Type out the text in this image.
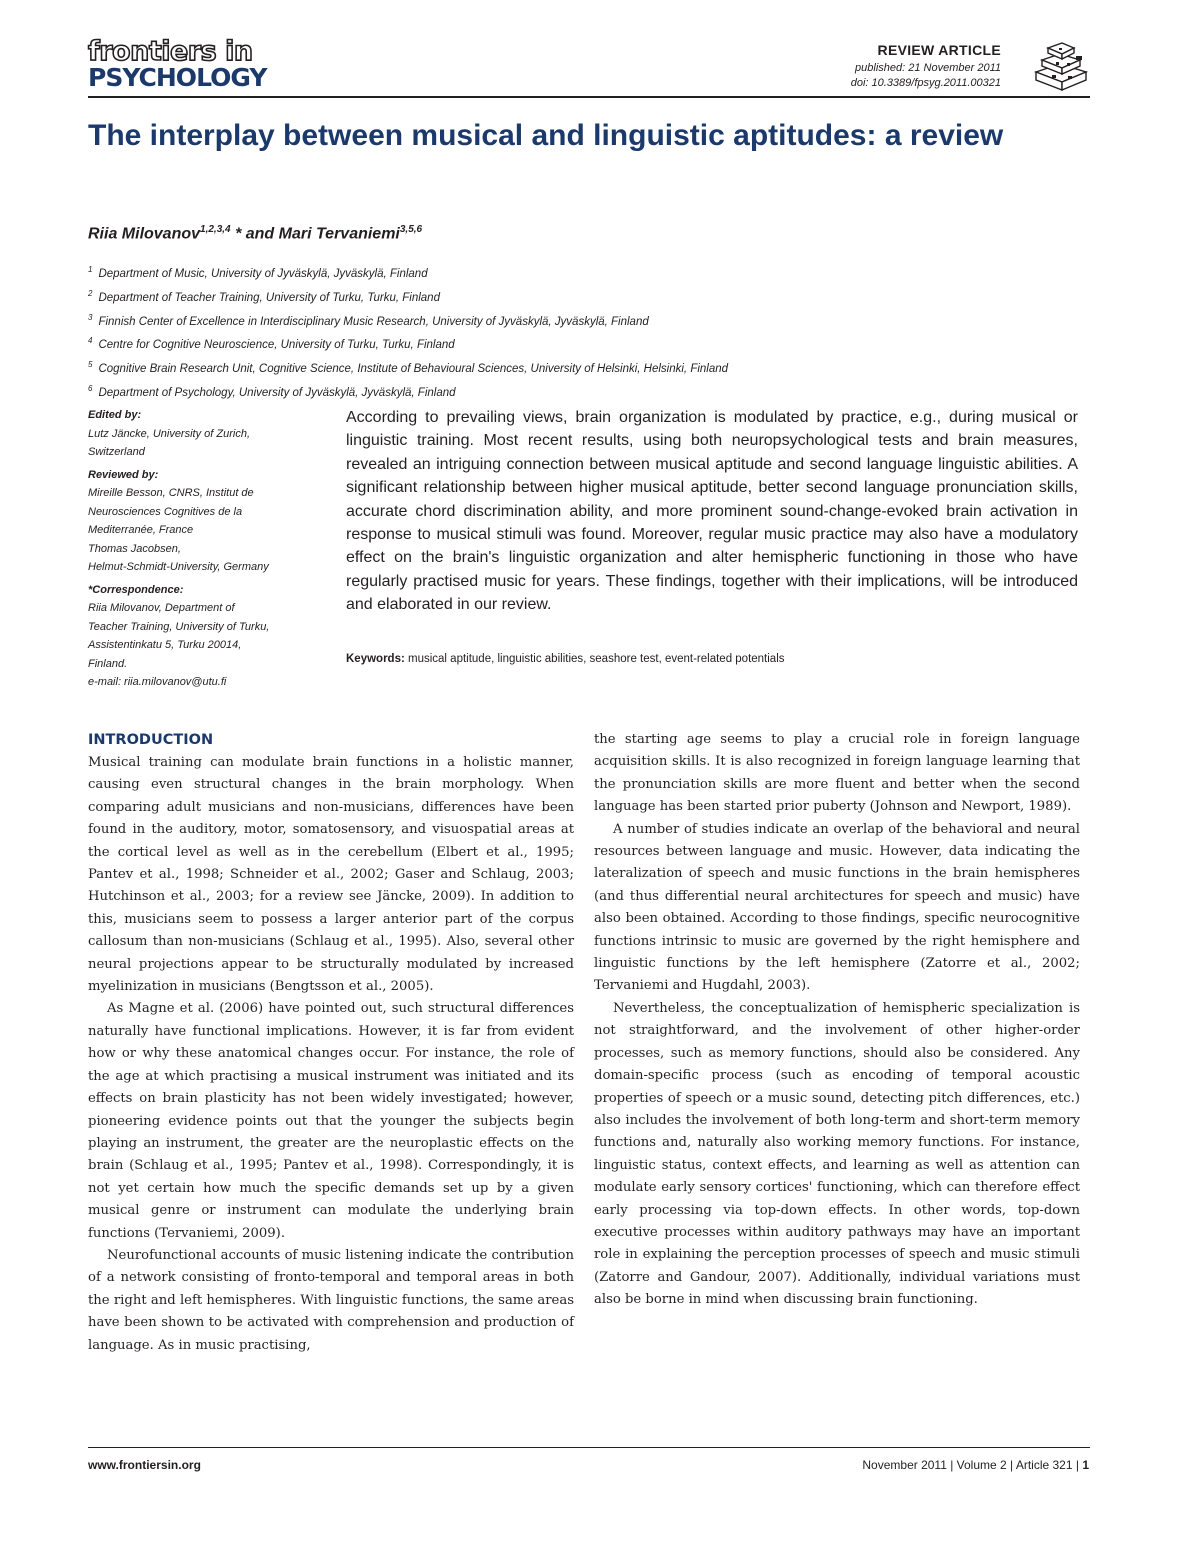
frontiers in
PSYCHOLOGY
REVIEW ARTICLE
published: 21 November 2011
doi: 10.3389/fpsyg.2011.00321
The interplay between musical and linguistic aptitudes: a review
Riia Milovanov$^{1,2,3,4}$ * and Mari Tervaniemi$^{3,5,6}$
$^1$ Department of Music, University of Jyväskylä, Jyväskylä, Finland
$^2$ Department of Teacher Training, University of Turku, Turku, Finland
$^3$ Finnish Center of Excellence in Interdisciplinary Music Research, University of Jyväskylä, Jyväskylä, Finland
$^4$ Centre for Cognitive Neuroscience, University of Turku, Turku, Finland
$^5$ Cognitive Brain Research Unit, Cognitive Science, Institute of Behavioural Sciences, University of Helsinki, Helsinki, Finland
$^6$ Department of Psychology, University of Jyväskylä, Jyväskylä, Finland
Edited by:
Lutz Jäncke, University of Zurich,
Switzerland
Reviewed by:
Mireille Besson, CNRS, Institut de
Neurosciences Cognitives de la
Mediterranée, France
Thomas Jacobsen,
Helmut-Schmidt-University, Germany
*Correspondence:
Riia Milovanov, Department of
Teacher Training, University of Turku,
Assistentinkatu 5, Turku 20014,
Finland.
e-mail: riia.milovanov@utu.fi

According to prevailing views, brain organization is modulated by practice, e.g., during musical or linguistic training. Most recent results, using both neuropsychological tests and brain measures, revealed an intriguing connection between musical aptitude and second language linguistic abilities. A significant relationship between higher musical aptitude, better second language pronunciation skills, accurate chord discrimination ability, and more prominent sound-change-evoked brain activation in response to musical stimuli was found. Moreover, regular music practice may also have a modulatory effect on the brain's linguistic organization and alter hemispheric functioning in those who have regularly practised music for years. These findings, together with their implications, will be introduced and elaborated in our review.

Keywords: musical aptitude, linguistic abilities, seashore test, event-related potentials
INTRODUCTION

Musical training can modulate brain functions in a holistic manner, causing even structural changes in the brain morphology. When comparing adult musicians and non-musicians, differences have been found in the auditory, motor, somatosensory, and visuospatial areas at the cortical level as well as in the cerebellum (Elbert et al., 1995; Pantev et al., 1998; Schneider et al., 2002; Gaser and Schlaug, 2003; Hutchinson et al., 2003; for a review see Jäncke, 2009). In addition to this, musicians seem to possess a larger anterior part of the corpus callosum than non-musicians (Schlaug et al., 1995). Also, several other neural projections appear to be structurally modulated by increased myelinization in musicians (Bengtsson et al., 2005).

As Magne et al. (2006) have pointed out, such structural differences naturally have functional implications. However, it is far from evident how or why these anatomical changes occur. For instance, the role of the age at which practising a musical instrument was initiated and its effects on brain plasticity has not been widely investigated; however, pioneering evidence points out that the younger the subjects begin playing an instrument, the greater are the neuroplastic effects on the brain (Schlaug et al., 1995; Pantev et al., 1998). Correspondingly, it is not yet certain how much the specific demands set up by a given musical genre or instrument can modulate the underlying brain functions (Tervaniemi, 2009).

Neurofunctional accounts of music listening indicate the contribution of a network consisting of fronto-temporal and temporal areas in both the right and left hemispheres. With linguistic functions, the same areas have been shown to be activated with comprehension and production of language. As in music practising,

the starting age seems to play a crucial role in foreign language acquisition skills. It is also recognized in foreign language learning that the pronunciation skills are more fluent and better when the second language has been started prior puberty (Johnson and Newport, 1989).

A number of studies indicate an overlap of the behavioral and neural resources between language and music. However, data indicating the lateralization of speech and music functions in the brain hemispheres (and thus differential neural architectures for speech and music) have also been obtained. According to those findings, specific neurocognitive functions intrinsic to music are governed by the right hemisphere and linguistic functions by the left hemisphere (Zatorre et al., 2002; Tervaniemi and Hugdahl, 2003).

Nevertheless, the conceptualization of hemispheric specialization is not straightforward, and the involvement of other higher-order processes, such as memory functions, should also be considered. Any domain-specific process (such as encoding of temporal acoustic properties of speech or a music sound, detecting pitch differences, etc.) also includes the involvement of both long-term and short-term memory functions and, naturally also working memory functions. For instance, linguistic status, context effects, and learning as well as attention can modulate early sensory cortices' functioning, which can therefore effect early processing via top-down effects. In other words, top-down executive processes within auditory pathways may have an important role in explaining the perception processes of speech and music stimuli (Zatorre and Gandour, 2007). Additionally, individual variations must also be borne in mind when discussing brain functioning.

www.frontiersin.org	November 2011 | Volume 2 | Article 321 | 1
